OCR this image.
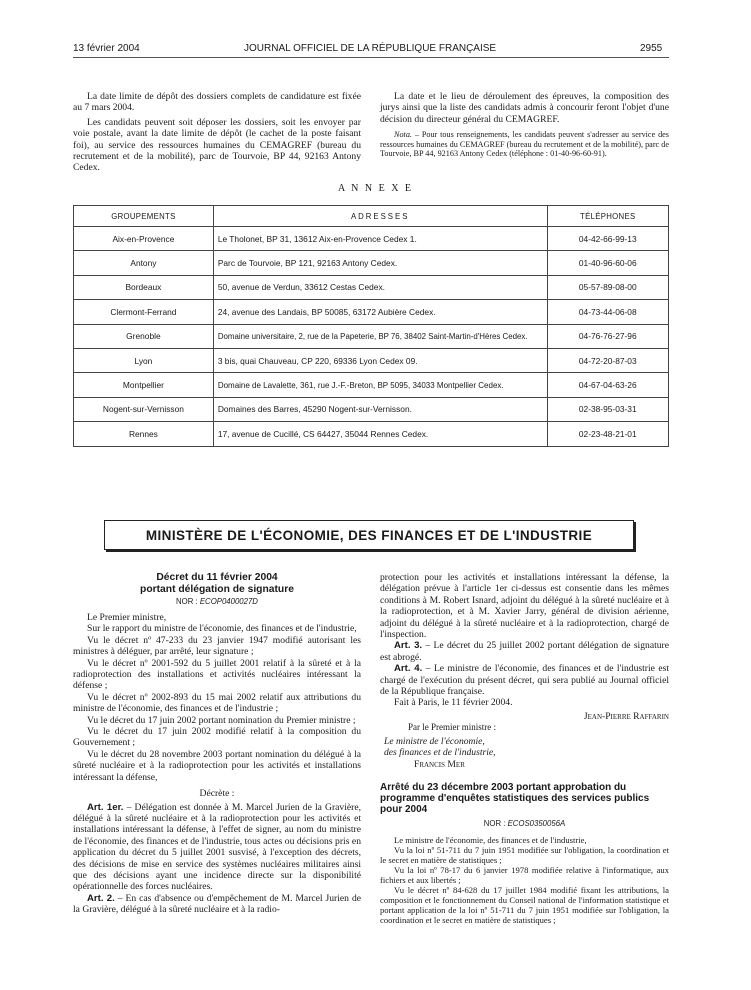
13 février 2004	JOURNAL OFFICIEL DE LA RÉPUBLIQUE FRANÇAISE	2955

La date limite de dépôt des dossiers complets de candidature est fixée au 7 mars 2004.

Les candidats peuvent soit déposer les dossiers, soit les envoyer par voie postale, avant la date limite de dépôt (le cachet de la poste faisant foi), au service des ressources humaines du CEMAGREF (bureau du recrutement et de la mobilité), parc de Tourvoie, BP 44, 92163 Antony Cedex.

La date et le lieu de déroulement des épreuves, la composition des jurys ainsi que la liste des candidats admis à concourir feront l'objet d'une décision du directeur général du CEMAGREF.

Nota. – Pour tous renseignements, les candidats peuvent s'adresser au service des ressources humaines du CEMAGREF (bureau du recrutement et de la mobilité), parc de Tourvoie, BP 44, 92163 Antony Cedex (téléphone : 01-40-96-60-91).

A N N E X E
GROUPEMENTS	ADRESSES	TÉLÉPHONES
Aix-en-Provence	Le Tholonet, BP 31, 13612 Aix-en-Provence Cedex 1.	04-42-66-99-13
Antony	Parc de Tourvoie, BP 121, 92163 Antony Cedex.	01-40-96-60-06
Bordeaux	50, avenue de Verdun, 33612 Cestas Cedex.	05-57-89-08-00
Clermont-Ferrand	24, avenue des Landais, BP 50085, 63172 Aubière Cedex.	04-73-44-06-08
Grenoble	Domaine universitaire, 2, rue de la Papeterie, BP 76, 38402 Saint-Martin-d'Hères Cedex.	04-76-76-27-96
Lyon	3 bis, quai Chauveau, CP 220, 69336 Lyon Cedex 09.	04-72-20-87-03
Montpellier	Domaine de Lavalette, 361, rue J.-F.-Breton, BP 5095, 34033 Montpellier Cedex.	04-67-04-63-26
Nogent-sur-Vernisson	Domaines des Barres, 45290 Nogent-sur-Vernisson.	02-38-95-03-31
Rennes	17, avenue de Cucillé, CS 64427, 35044 Rennes Cedex.	02-23-48-21-01
MINISTÈRE DE L'ÉCONOMIE, DES FINANCES ET DE L'INDUSTRIE
Décret du 11 février 2004
portant délégation de signature
NOR : ECOP0400027D

Le Premier ministre,

Sur le rapport du ministre de l'économie, des finances et de l'industrie,

Vu le décret nº 47-233 du 23 janvier 1947 modifié autorisant les ministres à déléguer, par arrêté, leur signature ;

Vu le décret nº 2001-592 du 5 juillet 2001 relatif à la sûreté et à la radioprotection des installations et activités nucléaires intéressant la défense ;

Vu le décret nº 2002-893 du 15 mai 2002 relatif aux attributions du ministre de l'économie, des finances et de l'industrie ;

Vu le décret du 17 juin 2002 portant nomination du Premier ministre ;

Vu le décret du 17 juin 2002 modifié relatif à la composition du Gouvernement ;

Vu le décret du 28 novembre 2003 portant nomination du délégué à la sûreté nucléaire et à la radioprotection pour les activités et installations intéressant la défense,

Décrète :

Art. 1er. – Délégation est donnée à M. Marcel Jurien de la Gravière, délégué à la sûreté nucléaire et à la radioprotection pour les activités et installations intéressant la défense, à l'effet de signer, au nom du ministre de l'économie, des finances et de l'industrie, tous actes ou décisions pris en application du décret du 5 juillet 2001 susvisé, à l'exception des décrets, des décisions de mise en service des systèmes nucléaires militaires ainsi que des décisions ayant une incidence directe sur la disponibilité opérationnelle des forces nucléaires.

Art. 2. – En cas d'absence ou d'empêchement de M. Marcel Jurien de la Gravière, délégué à la sûreté nucléaire et à la radio-

protection pour les activités et installations intéressant la défense, la délégation prévue à l'article 1er ci-dessus est consentie dans les mêmes conditions à M. Robert Isnard, adjoint du délégué à la sûreté nucléaire et à la radioprotection, et à M. Xavier Jarry, général de division aérienne, adjoint du délégué à la sûreté nucléaire et à la radioprotection, chargé de l'inspection.

Art. 3. – Le décret du 25 juillet 2002 portant délégation de signature est abrogé.

Art. 4. – Le ministre de l'économie, des finances et de l'industrie est chargé de l'exécution du présent décret, qui sera publié au Journal officiel de la République française.

Fait à Paris, le 11 février 2004.

Jean-Pierre Raffarin

Par le Premier ministre :

Le ministre de l'économie,

des finances et de l'industrie,

Francis Mer

Arrêté du 23 décembre 2003 portant approbation du programme d'enquêtes statistiques des services publics pour 2004
NOR : ECOS0350056A

Le ministre de l'économie, des finances et de l'industrie,

Vu la loi nº 51-711 du 7 juin 1951 modifiée sur l'obligation, la coordination et le secret en matière de statistiques ;

Vu la loi nº 78-17 du 6 janvier 1978 modifiée relative à l'informatique, aux fichiers et aux libertés ;

Vu le décret nº 84-628 du 17 juillet 1984 modifié fixant les attributions, la composition et le fonctionnement du Conseil national de l'information statistique et portant application de la loi nº 51-711 du 7 juin 1951 modifiée sur l'obligation, la coordination et le secret en matière de statistiques ;
